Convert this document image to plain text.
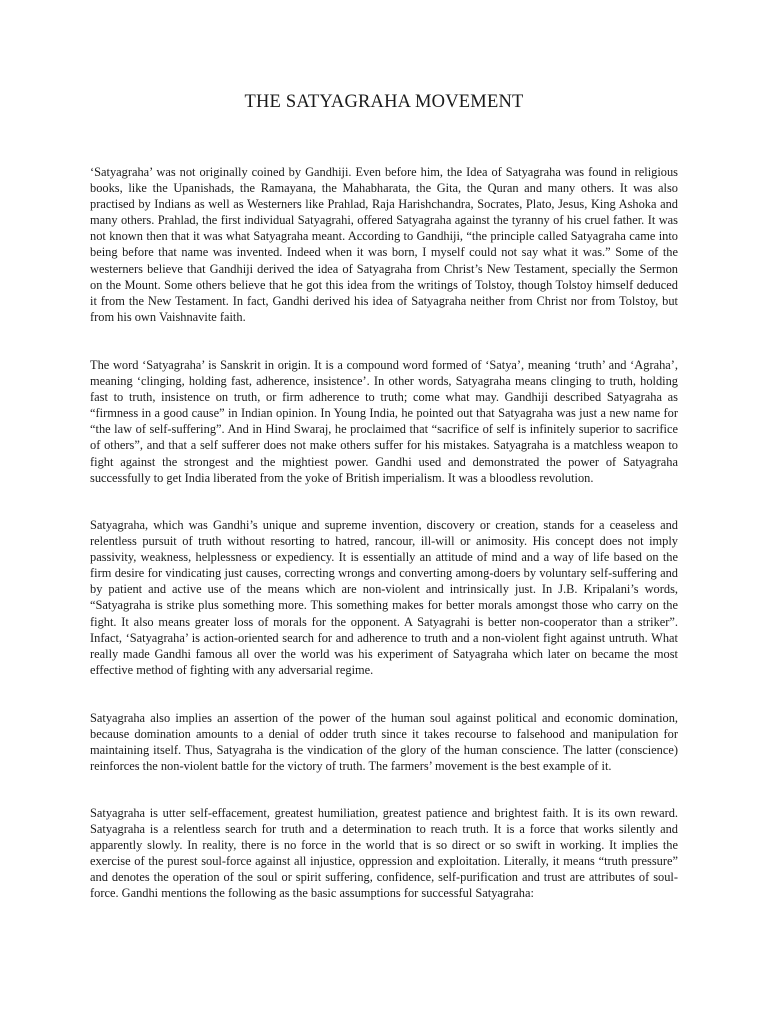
THE SATYAGRAHA MOVEMENT

‘Satyagraha’ was not originally coined by Gandhiji. Even before him, the Idea of Satyagraha was found in religious books, like the Upanishads, the Ramayana, the Mahabharata, the Gita, the Quran and many others. It was also practised by Indians as well as Westerners like Prahlad, Raja Harishchandra, Socrates, Plato, Jesus, King Ashoka and many others. Prahlad, the first individual Satyagrahi, offered Satyagraha against the tyranny of his cruel father. It was not known then that it was what Satyagraha meant. According to Gandhiji, “the principle called Satyagraha came into being before that name was invented. Indeed when it was born, I myself could not say what it was.” Some of the westerners believe that Gandhiji derived the idea of Satyagraha from Christ’s New Testament, specially the Sermon on the Mount. Some others believe that he got this idea from the writings of Tolstoy, though Tolstoy himself deduced it from the New Testament. In fact, Gandhi derived his idea of Satyagraha neither from Christ nor from Tolstoy, but from his own Vaishnavite faith.

The word ‘Satyagraha’ is Sanskrit in origin. It is a compound word formed of ‘Satya’, meaning ‘truth’ and ‘Agraha’, meaning ‘clinging, holding fast, adherence, insistence’. In other words, Satyagraha means clinging to truth, holding fast to truth, insistence on truth, or firm adherence to truth; come what may. Gandhiji described Satyagraha as “firmness in a good cause” in Indian opinion. In Young India, he pointed out that Satyagraha was just a new name for “the law of self-suffering”. And in Hind Swaraj, he proclaimed that “sacrifice of self is infinitely superior to sacrifice of others”, and that a self sufferer does not make others suffer for his mistakes. Satyagraha is a matchless weapon to fight against the strongest and the mightiest power. Gandhi used and demonstrated the power of Satyagraha successfully to get India liberated from the yoke of British imperialism. It was a bloodless revolution.

Satyagraha, which was Gandhi’s unique and supreme invention, discovery or creation, stands for a ceaseless and relentless pursuit of truth without resorting to hatred, rancour, ill-will or animosity. His concept does not imply passivity, weakness, helplessness or expediency. It is essentially an attitude of mind and a way of life based on the firm desire for vindicating just causes, correcting wrongs and converting among-doers by voluntary self-suffering and by patient and active use of the means which are non-violent and intrinsically just. In J.B. Kripalani’s words, “Satyagraha is strike plus something more. This something makes for better morals amongst those who carry on the fight. It also means greater loss of morals for the opponent. A Satyagrahi is better non-cooperator than a striker”. Infact, ‘Satyagraha’ is action-oriented search for and adherence to truth and a non-violent fight against untruth. What really made Gandhi famous all over the world was his experiment of Satyagraha which later on became the most effective method of fighting with any adversarial regime.

Satyagraha also implies an assertion of the power of the human soul against political and economic domination, because domination amounts to a denial of odder truth since it takes recourse to falsehood and manipulation for maintaining itself. Thus, Satyagraha is the vindication of the glory of the human conscience. The latter (conscience) reinforces the non-violent battle for the victory of truth. The farmers’ movement is the best example of it.

Satyagraha is utter self-effacement, greatest humiliation, greatest patience and brightest faith. It is its own reward. Satyagraha is a relentless search for truth and a determination to reach truth. It is a force that works silently and apparently slowly. In reality, there is no force in the world that is so direct or so swift in working. It implies the exercise of the purest soul-force against all injustice, oppression and exploitation. Literally, it means “truth pressure” and denotes the operation of the soul or spirit suffering, confidence, self-purification and trust are attributes of soul-force. Gandhi mentions the following as the basic assumptions for successful Satyagraha:
